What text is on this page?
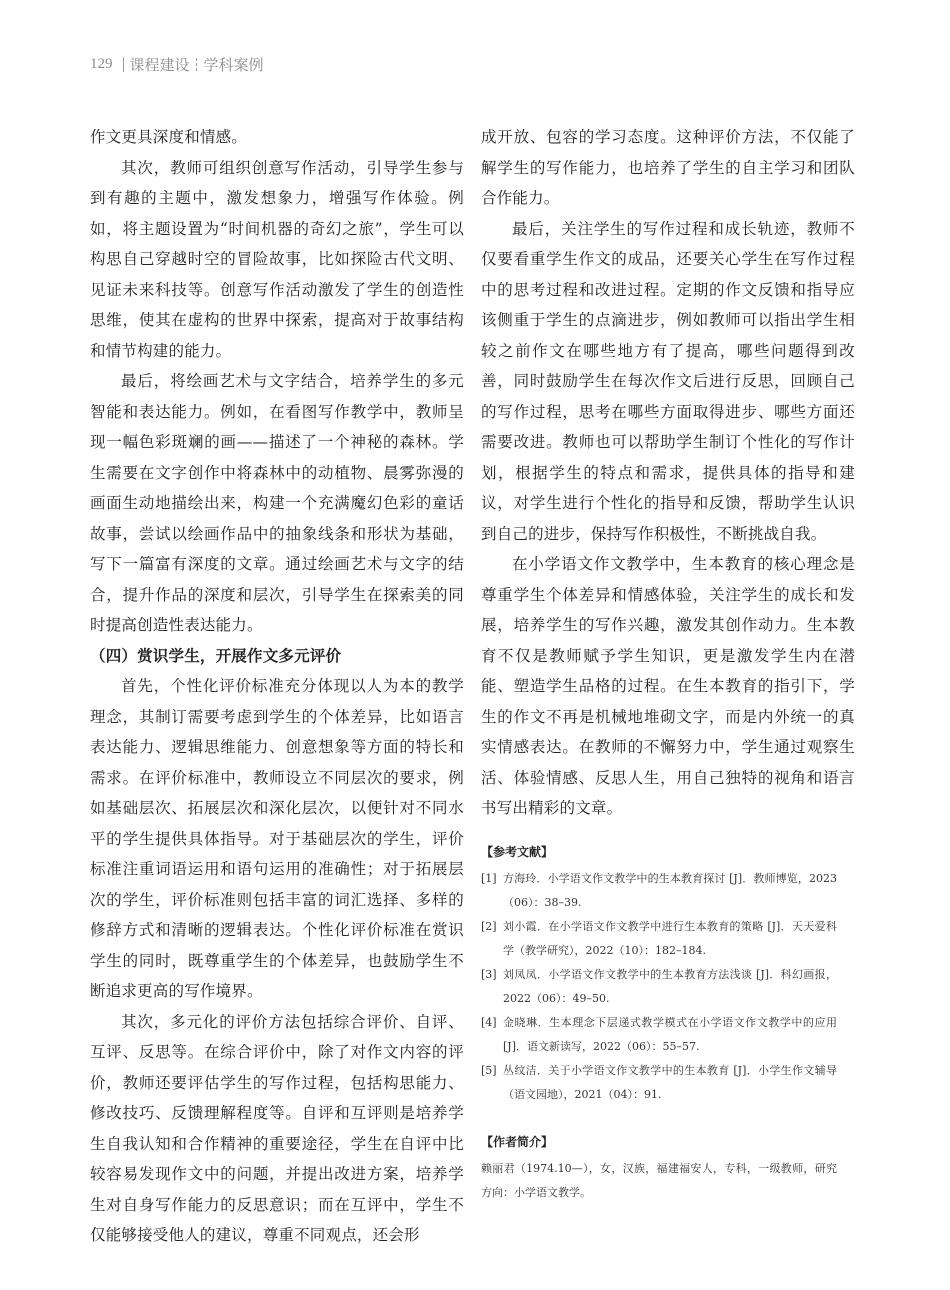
129 课程建设 学科案例

作文更具深度和情感。

其次，教师可组织创意写作活动，引导学生参与到有趣的主题中，激发想象力，增强写作体验。例如，将主题设置为“时间机器的奇幻之旅”，学生可以构思自己穿越时空的冒险故事，比如探险古代文明、见证未来科技等。创意写作活动激发了学生的创造性思维，使其在虚构的世界中探索，提高对于故事结构和情节构建的能力。

最后，将绘画艺术与文字结合，培养学生的多元智能和表达能力。例如，在看图写作教学中，教师呈现一幅色彩斑斓的画——描述了一个神秘的森林。学生需要在文字创作中将森林中的动植物、晨雾弥漫的画面生动地描绘出来，构建一个充满魔幻色彩的童话故事，尝试以绘画作品中的抽象线条和形状为基础，写下一篇富有深度的文章。通过绘画艺术与文字的结合，提升作品的深度和层次，引导学生在探索美的同时提高创造性表达能力。

（四）赏识学生，开展作文多元评价

首先，个性化评价标准充分体现以人为本的教学理念，其制订需要考虑到学生的个体差异，比如语言表达能力、逻辑思维能力、创意想象等方面的特长和需求。在评价标准中，教师设立不同层次的要求，例如基础层次、拓展层次和深化层次，以便针对不同水平的学生提供具体指导。对于基础层次的学生，评价标准注重词语运用和语句运用的准确性；对于拓展层次的学生，评价标准则包括丰富的词汇选择、多样的修辞方式和清晰的逻辑表达。个性化评价标准在赏识学生的同时，既尊重学生的个体差异，也鼓励学生不断追求更高的写作境界。

其次，多元化的评价方法包括综合评价、自评、互评、反思等。在综合评价中，除了对作文内容的评价，教师还要评估学生的写作过程，包括构思能力、修改技巧、反馈理解程度等。自评和互评则是培养学生自我认知和合作精神的重要途径，学生在自评中比较容易发现作文中的问题，并提出改进方案，培养学生对自身写作能力的反思意识；而在互评中，学生不仅能够接受他人的建议，尊重不同观点，还会形

成开放、包容的学习态度。这种评价方法，不仅能了解学生的写作能力，也培养了学生的自主学习和团队合作能力。

最后，关注学生的写作过程和成长轨迹，教师不仅要看重学生作文的成品，还要关心学生在写作过程中的思考过程和改进过程。定期的作文反馈和指导应该侧重于学生的点滴进步，例如教师可以指出学生相较之前作文在哪些地方有了提高，哪些问题得到改善，同时鼓励学生在每次作文后进行反思，回顾自己的写作过程，思考在哪些方面取得进步、哪些方面还需要改进。教师也可以帮助学生制订个性化的写作计划，根据学生的特点和需求，提供具体的指导和建议，对学生进行个性化的指导和反馈，帮助学生认识到自己的进步，保持写作积极性，不断挑战自我。

在小学语文作文教学中，生本教育的核心理念是尊重学生个体差异和情感体验，关注学生的成长和发展，培养学生的写作兴趣，激发其创作动力。生本教育不仅是教师赋予学生知识，更是激发学生内在潜能、塑造学生品格的过程。在生本教育的指引下，学生的作文不再是机械地堆砌文字，而是内外统一的真实情感表达。在教师的不懈努力中，学生通过观察生活、体验情感、反思人生，用自己独特的视角和语言书写出精彩的文章。

【参考文献】
[1] 方海玲．小学语文作文教学中的生本教育探讨 [J]．教师博览，2023（06）：38–39.
[2] 刘小霞．在小学语文作文教学中进行生本教育的策略 [J]．天天爱科学（教学研究），2022（10）：182–184.
[3] 刘凤凤．小学语文作文教学中的生本教育方法浅谈 [J]．科幻画报，2022（06）：49–50.
[4] 金晓琳．生本理念下层递式教学模式在小学语文作文教学中的应用 [J]．语文新读写，2022（06）：55–57.
[5] 丛纹洁．关于小学语文作文教学中的生本教育 [J]．小学生作文辅导（语文园地），2021（04）：91.
【作者简介】
赖丽君（1974.10—），女，汉族，福建福安人，专科，一级教师，研究方向：小学语文教学。
